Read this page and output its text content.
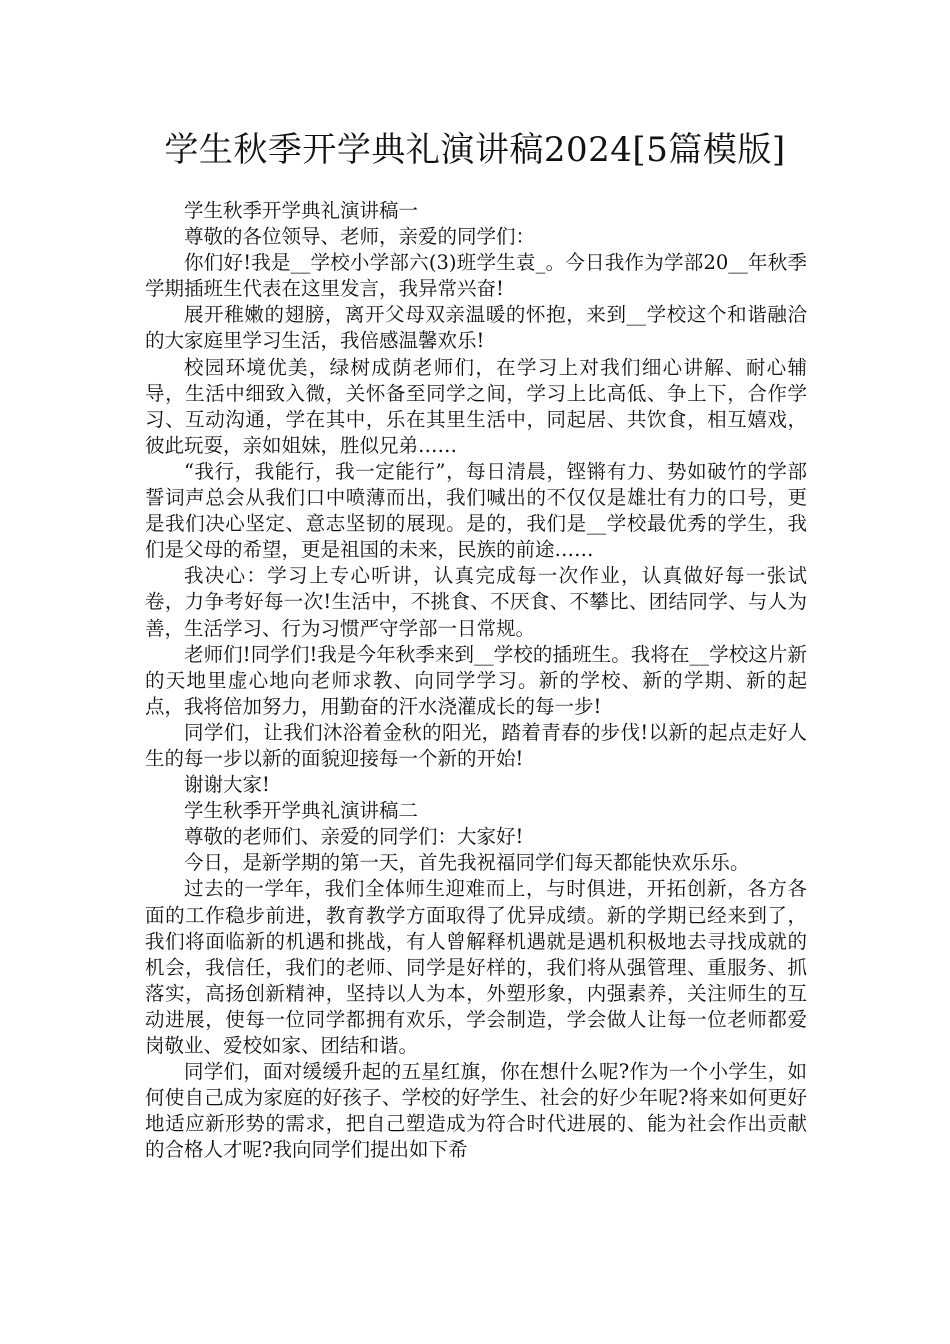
学生秋季开学典礼演讲稿2024[5篇模版]

学生秋季开学典礼演讲稿一

尊敬的各位领导、老师，亲爱的同学们：

你们好!我是__学校小学部六(3)班学生袁_。今日我作为学部20__年秋季学期插班生代表在这里发言，我异常兴奋!

展开稚嫩的翅膀，离开父母双亲温暖的怀抱，来到__学校这个和谐融洽的大家庭里学习生活，我倍感温馨欢乐!

校园环境优美，绿树成荫老师们，在学习上对我们细心讲解、耐心辅导，生活中细致入微，关怀备至同学之间，学习上比高低、争上下，合作学习、互动沟通，学在其中，乐在其里生活中，同起居、共饮食，相互嬉戏，彼此玩耍，亲如姐妹，胜似兄弟……

“我行，我能行，我一定能行”，每日清晨，铿锵有力、势如破竹的学部誓词声总会从我们口中喷薄而出，我们喊出的不仅仅是雄壮有力的口号，更是我们决心坚定、意志坚韧的展现。是的，我们是__学校最优秀的学生，我们是父母的希望，更是祖国的未来，民族的前途……

我决心：学习上专心听讲，认真完成每一次作业，认真做好每一张试卷，力争考好每一次!生活中，不挑食、不厌食、不攀比、团结同学、与人为善，生活学习、行为习惯严守学部一日常规。

老师们!同学们!我是今年秋季来到__学校的插班生。我将在__学校这片新的天地里虚心地向老师求教、向同学学习。新的学校、新的学期、新的起点，我将倍加努力，用勤奋的汗水浇灌成长的每一步!

同学们，让我们沐浴着金秋的阳光，踏着青春的步伐!以新的起点走好人生的每一步以新的面貌迎接每一个新的开始!

谢谢大家!

学生秋季开学典礼演讲稿二

尊敬的老师们、亲爱的同学们：大家好!

今日，是新学期的第一天，首先我祝福同学们每天都能快欢乐乐。

过去的一学年，我们全体师生迎难而上，与时俱进，开拓创新，各方各面的工作稳步前进，教育教学方面取得了优异成绩。新的学期已经来到了，我们将面临新的机遇和挑战，有人曾解释机遇就是遇机积极地去寻找成就的机会，我信任，我们的老师、同学是好样的，我们将从强管理、重服务、抓落实，高扬创新精神，坚持以人为本，外塑形象，内强素养，关注师生的互动进展，使每一位同学都拥有欢乐，学会制造，学会做人让每一位老师都爱岗敬业、爱校如家、团结和谐。

同学们，面对缓缓升起的五星红旗，你在想什么呢?作为一个小学生，如何使自己成为家庭的好孩子、学校的好学生、社会的好少年呢?将来如何更好地适应新形势的需求，把自己塑造成为符合时代进展的、能为社会作出贡献的合格人才呢?我向同学们提出如下希
